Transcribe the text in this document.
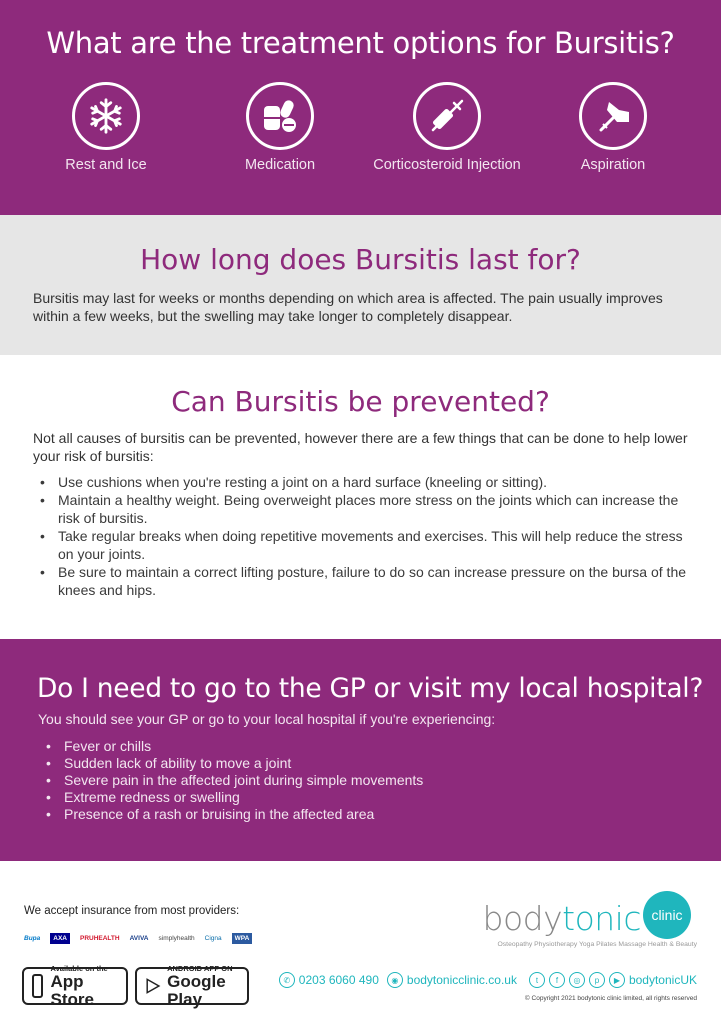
What are the treatment options for Bursitis?
Rest and Ice	Medication	Corticosteroid Injection	Aspiration
How long does Bursitis last for?

Bursitis may last for weeks or months depending on which area is affected. The pain usually improves within a few weeks, but the swelling may take longer to completely disappear.

Can Bursitis be prevented?

Not all causes of bursitis can be prevented, however there are a few things that can be done to help lower your risk of bursitis:

• Use cushions when you're resting a joint on a hard surface (kneeling or sitting).
• Maintain a healthy weight. Being overweight places more stress on the joints which can increase the risk of bursitis.
• Take regular breaks when doing repetitive movements and exercises. This will help reduce the stress on your joints.
• Be sure to maintain a correct lifting posture, failure to do so can increase pressure on the bursa of the knees and hips.
Do I need to go to the GP or visit my local hospital?

You should see your GP or go to your local hospital if you're experiencing:

• Fever or chills
• Sudden lack of ability to move a joint
• Severe pain in the affected joint during simple movements
• Extreme redness or swelling
• Presence of a rash or bruising in the affected area
We accept insurance from most providers:
Bupa	AXA	PRUHEALTH AVIVA simplyhealth Cigna	WPA
Available on the
App Store
ANDROID APP ON
Google Play
bodytonic clinic
Osteopathy Physiotherapy Yoga Pilates Massage Health & Beauty
✆ 0203 6060 490	◉ bodytonicclinic.co.uk	t	f	◎	p	▶ bodytonicUK
© Copyright 2021 bodytonic clinic limited, all rights reserved
